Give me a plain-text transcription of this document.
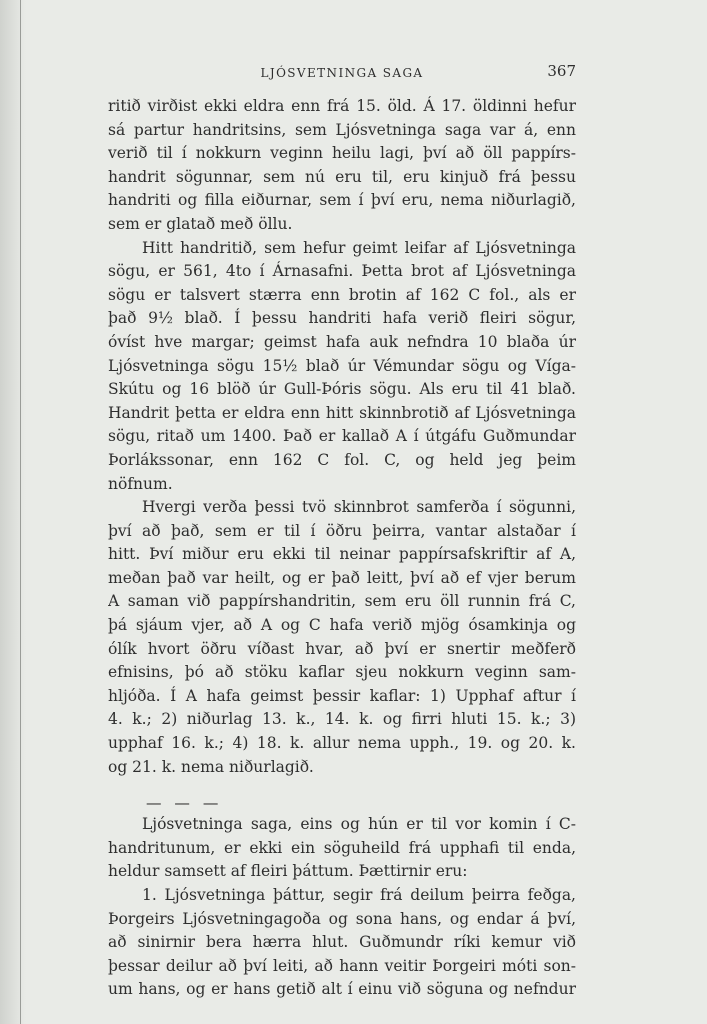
LJÓSVETNINGA SAGA	367
ritið virðist ekki eldra enn frá 15. öld. Á 17. öldinni hefur
sá partur handritsins, sem Ljósvetninga saga var á, enn
verið til í nokkurn veginn heilu lagi, því að öll pappírs-
handrit sögunnar, sem nú eru til, eru kinjuð frá þessu
handriti og filla eiðurnar, sem í því eru, nema niðurlagið,
sem er glatað með öllu.
Hitt handritið, sem hefur geimt leifar af Ljósvetninga
sögu, er 561, 4to í Árnasafni. Þetta brot af Ljósvetninga
sögu er talsvert stærra enn brotin af 162 C fol., als er
það 9½ blað. Í þessu handriti hafa verið fleiri sögur,
óvíst hve margar; geimst hafa auk nefndra 10 blaða úr
Ljósvetninga sögu 15½ blað úr Vémundar sögu og Víga-
Skútu og 16 blöð úr Gull-Þóris sögu. Als eru til 41 blað.
Handrit þetta er eldra enn hitt skinnbrotið af Ljósvetninga
sögu, ritað um 1400. Það er kallað A í útgáfu Guðmundar
Þorlákssonar, enn 162 C fol. C, og held jeg þeim
nöfnum.
Hvergi verða þessi tvö skinnbrot samferða í sögunni,
því að það, sem er til í öðru þeirra, vantar alstaðar í
hitt. Því miður eru ekki til neinar pappírsafskriftir af A,
meðan það var heilt, og er það leitt, því að ef vjer berum
A saman við pappírshandritin, sem eru öll runnin frá C,
þá sjáum vjer, að A og C hafa verið mjög ósamkinja og
ólík hvort öðru víðast hvar, að því er snertir meðferð
efnisins, þó að stöku kaflar sjeu nokkurn veginn sam-
hljóða. Í A hafa geimst þessir kaflar: 1) Upphaf aftur í
4. k.; 2) niðurlag 13. k., 14. k. og firri hluti 15. k.; 3)
upphaf 16. k.; 4) 18. k. allur nema upph., 19. og 20. k.
og 21. k. nema niðurlagið.
— — —
Ljósvetninga saga, eins og hún er til vor komin í C-
handritunum, er ekki ein söguheild frá upphafi til enda,
heldur samsett af fleiri þáttum. Þættirnir eru:
1. Ljósvetninga þáttur, segir frá deilum þeirra feðga,
Þorgeirs Ljósvetningagoða og sona hans, og endar á því,
að sinirnir bera hærra hlut. Guðmundr ríki kemur við
þessar deilur að því leiti, að hann veitir Þorgeiri móti son-
um hans, og er hans getið alt í einu við söguna og nefndur
